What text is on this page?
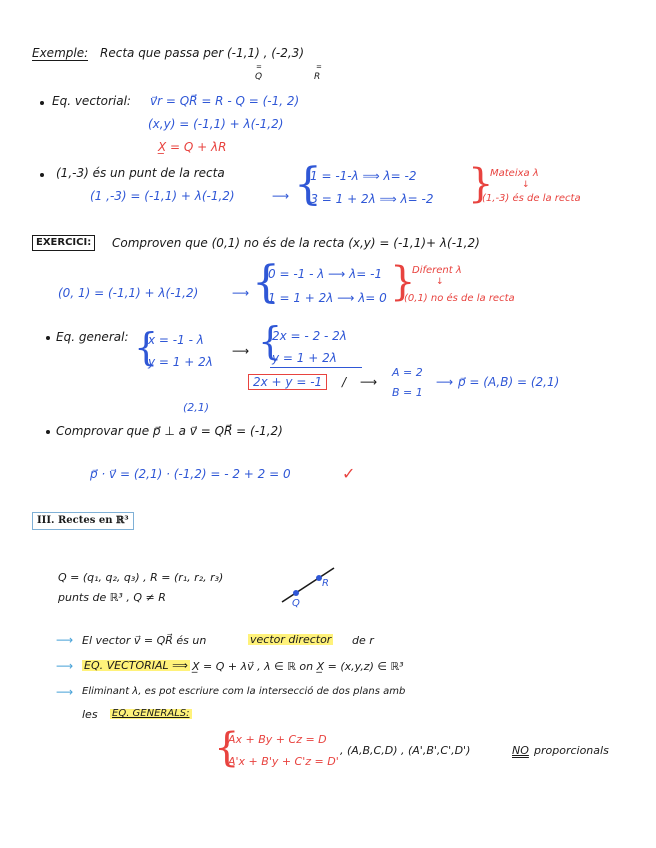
Exemple: Recta que passa per (-1,1) , (-2,3)
=
Q
=
R
Eq. vectorial: v⃗r = QR⃗ = R - Q = (-1, 2)
(x,y) = (-1,1) + λ(-1,2)
X̲ = Q + λR
(1,-3) és un punt de la recta
(1 ,-3) = (-1,1) + λ(-1,2)	⟶ {
1 = -1-λ ⟹ λ= -2
-3 = 1 + 2λ ⟹ λ= -2 }
Mateixa λ
↓
(1,-3) és de la recta
EXERCICI:	Comproven que (0,1) no és de la recta (x,y) = (-1,1)+ λ(-1,2)
(0, 1) = (-1,1) + λ(-1,2)	⟶ {
0 = -1 - λ ⟶ λ= -1
1 = 1 + 2λ ⟶ λ= 0 }
Diferent λ
↓
(0,1) no és de la recta
Eq. general: {
x = -1 - λ
y = 1 + 2λ
⟶ {
2x = - 2 - 2λ
y = 1 + 2λ
2x + y = -1	/ ⟶
A = 2
B = 1
⟶ p⃗ = (A,B) = (2,1)
(2,1)
Comprovar que p⃗ ⊥ a v⃗ = QR⃗ = (-1,2)
p⃗ · v⃗ = (2,1) · (-1,2) = - 2 + 2 = 0	✓
III. Rectes en ℝ³
Q = (q₁, q₂, q₃) , R = (r₁, r₂, r₃)
punts de ℝ³ , Q ≠ R	Q
R
⟶ El vector v⃗ = QR⃗ és un	vector director de r
⟶ EQ. VECTORIAL ⟹ X̲ = Q + λv⃗ , λ ∈ ℝ on X̲ = (x,y,z) ∈ ℝ³
⟶ Eliminant λ, es pot escriure com la intersecció de dos plans amb
les EQ. GENERALS:
{
Ax + By + Cz = D
A'x + B'y + C'z = D'
, (A,B,C,D) , (A',B',C',D')	NO proporcionals
